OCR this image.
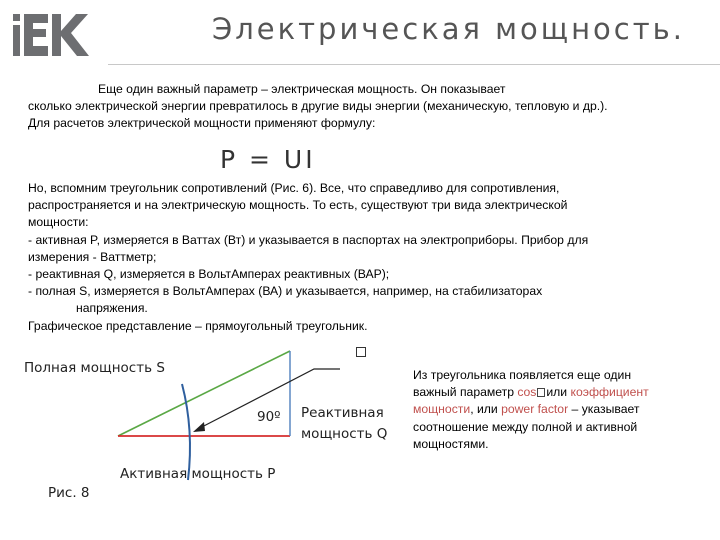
Электрическая мощность.
Еще один важный параметр – электрическая мощность. Он показывает
сколько электрической энергии превратилось в другие виды энергии (механическую, тепловую и др.).
Для расчетов электрической мощности применяют формулу:
P = UI
Но, вспомним треугольник сопротивлений (Рис. 6). Все, что справедливо для сопротивления,
распространяется и на электрическую мощность. То есть, существуют три вида электрической
мощности:
- активная P, измеряется в Ваттах (Вт) и указывается в паспортах на электроприборы. Прибор для
измерения - Ваттметр;
- реактивная Q, измеряется в ВольтАмперах реактивных (ВАР);
- полная S, измеряется в ВольтАмперах (ВА) и указывается, например, на стабилизаторах
напряжения.
Графическое представление – прямоугольный треугольник.
Полная мощность S
90º Реактивная
мощность Q
Активная мощность P
Рис. 8
Из треугольника появляется еще один
важный параметр cos или коэффициент
мощности, или power factor – указывает
соотношение между полной и активной
мощностями.
